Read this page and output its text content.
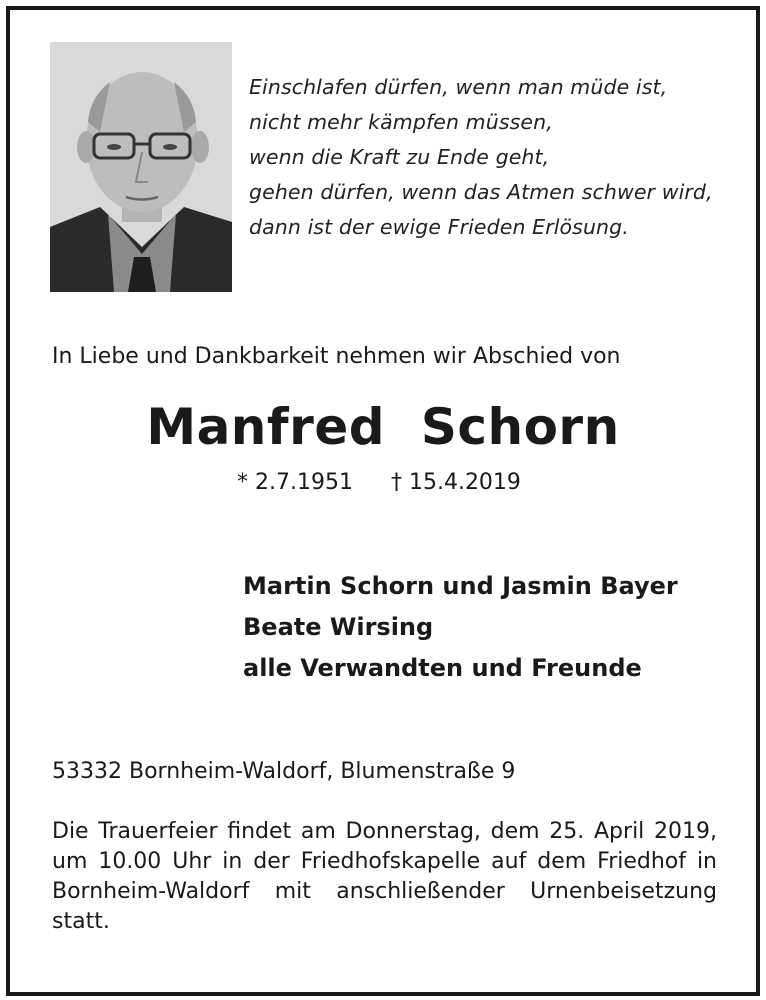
Einschlafen dürfen, wenn man müde ist,
nicht mehr kämpfen müssen,
wenn die Kraft zu Ende geht,
gehen dürfen, wenn das Atmen schwer wird,
dann ist der ewige Frieden Erlösung.
In Liebe und Dankbarkeit nehmen wir Abschied von
Manfred  Schorn
* 2.7.1951 † 15.4.2019
Martin Schorn und Jasmin Bayer
Beate Wirsing
alle Verwandten und Freunde
53332 Bornheim-Waldorf, Blumenstraße 9
Die Trauerfeier findet am Donnerstag, dem 25. April 2019, um 10.00 Uhr in der Friedhofskapelle auf dem Friedhof in Bornheim-Waldorf mit anschließender Urnenbeisetzung statt.
